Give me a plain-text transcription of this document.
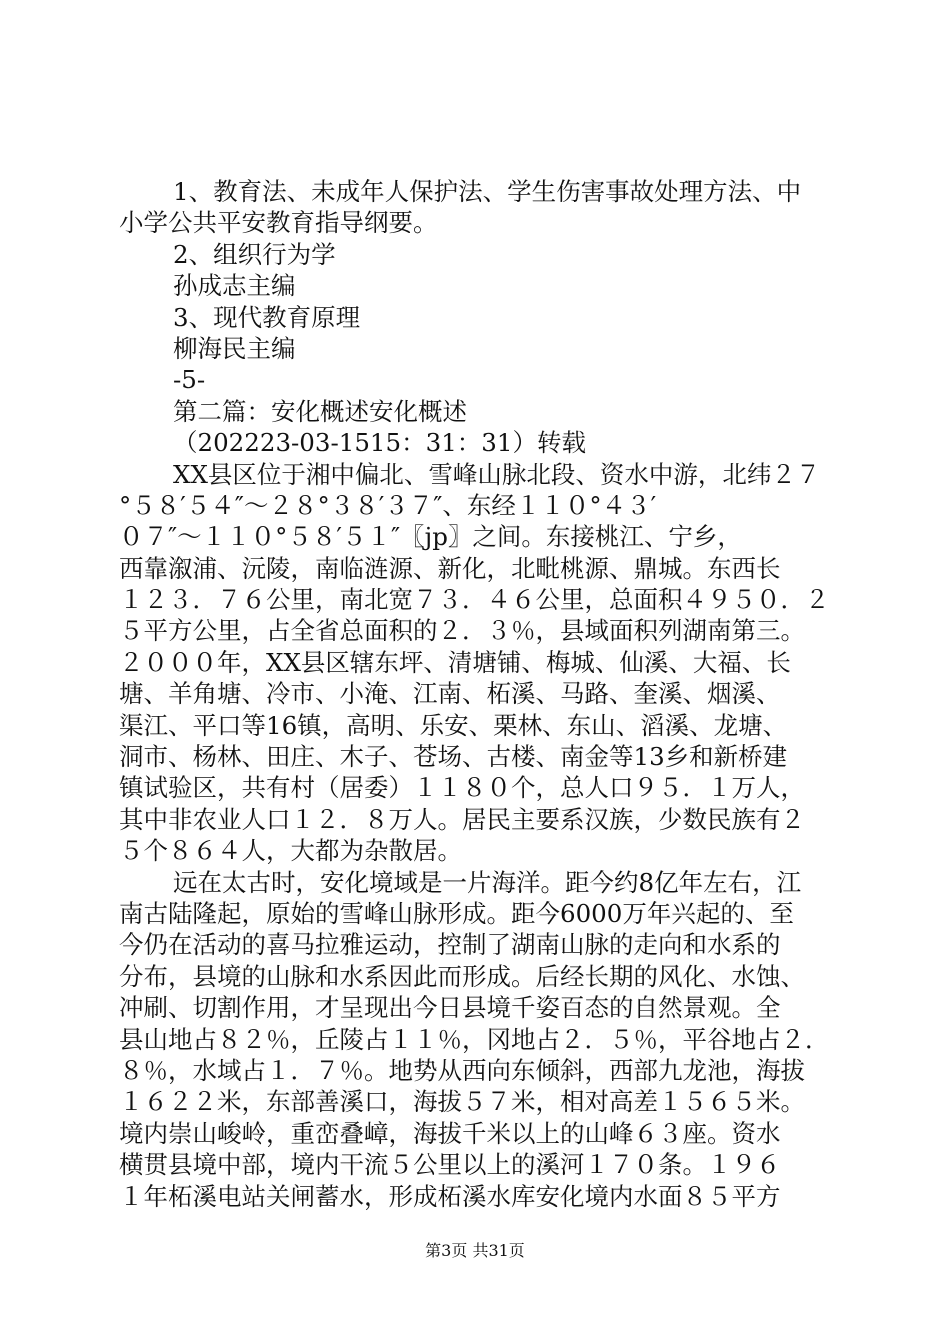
1、教育法、未成年人保护法、学生伤害事故处理方法、中
小学公共平安教育指导纲要。
2、组织行为学
孙成志主编
3、现代教育原理
柳海民主编
-5-
第二篇：安化概述安化概述
（202223-03-1515：31：31）转载
XX县区位于湘中偏北、雪峰山脉北段、资水中游，北纬２７
°５８′５４″～２８°３８′３７″、东经１１０°４３′
０７″～１１０°５８′５１″〖jp〗之间。东接桃江、宁乡，
西靠溆浦、沅陵，南临涟源、新化，北毗桃源、鼎城。东西长
１２３．７６公里，南北宽７３．４６公里，总面积４９５０．２
５平方公里，占全省总面积的２．３％，县域面积列湖南第三。
２０００年，XX县区辖东坪、清塘铺、梅城、仙溪、大福、长
塘、羊角塘、冷市、小淹、江南、柘溪、马路、奎溪、烟溪、
渠江、平口等16镇，高明、乐安、栗林、东山、滔溪、龙塘、
洞市、杨林、田庄、木子、苍场、古楼、南金等13乡和新桥建
镇试验区，共有村（居委）１１８０个，总人口９５．１万人，
其中非农业人口１２．８万人。居民主要系汉族，少数民族有２
５个８６４人，大都为杂散居。
远在太古时，安化境域是一片海洋。距今约8亿年左右，江
南古陆隆起，原始的雪峰山脉形成。距今6000万年兴起的、至
今仍在活动的喜马拉雅运动，控制了湖南山脉的走向和水系的
分布，县境的山脉和水系因此而形成。后经长期的风化、水蚀、
冲刷、切割作用，才呈现出今日县境千姿百态的自然景观。全
县山地占８２％，丘陵占１１％，冈地占２．５％，平谷地占２．
８％，水域占１．７％。地势从西向东倾斜，西部九龙池，海拔
１６２２米，东部善溪口，海拔５７米，相对高差１５６５米。
境内崇山峻岭，重峦叠嶂，海拔千米以上的山峰６３座。资水
横贯县境中部，境内干流５公里以上的溪河１７０条。１９６
１年柘溪电站关闸蓄水，形成柘溪水库安化境内水面８５平方
第3页 共31页
